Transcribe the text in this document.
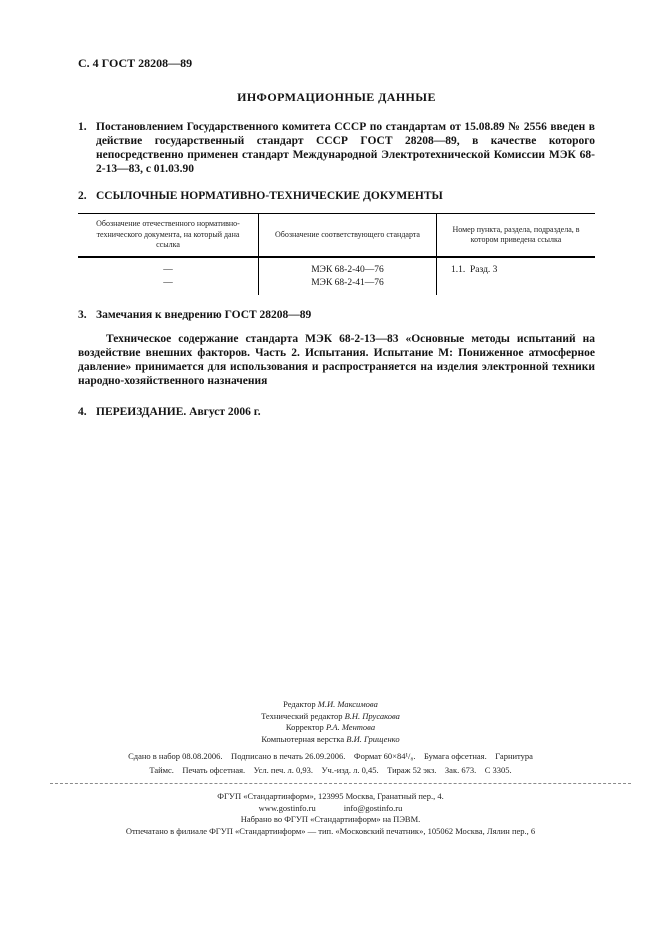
С. 4 ГОСТ 28208—89
ИНФОРМАЦИОННЫЕ ДАННЫЕ
1. Постановлением Государственного комитета СССР по стандартам от 15.08.89 № 2556 введен в действие государственный стандарт СССР ГОСТ 28208—89, в качестве которого непосредственно применен стандарт Международной Электротехнической Комиссии МЭК 68-2-13—83, с 01.03.90
2. ССЫЛОЧНЫЕ НОРМАТИВНО-ТЕХНИЧЕСКИЕ ДОКУМЕНТЫ
Обозначение отечественного нормативно-технического документа, на который дана ссылка
Обозначение соответствующего стандарта
Номер пункта, раздела, подраздела, в котором приведена ссылка
—
—
МЭК 68-2-40—76
МЭК 68-2-41—76
1.1. Разд. 3
3. Замечания к внедрению ГОСТ 28208—89
Техническое содержание стандарта МЭК 68-2-13—83 «Основные методы испытаний на воздействие внешних факторов. Часть 2. Испытания. Испытание М: Пониженное атмосферное давление» принимается для использования и распространяется на изделия электронной техники народно-хозяйственного назначения
4. ПЕРЕИЗДАНИЕ. Август 2006 г.
Редактор М.И. Максимова
Технический редактор В.Н. Прусакова
Корректор Р.А. Ментова
Компьютерная верстка В.И. Грищенко
Сдано в набор 08.08.2006. Подписано в печать 26.09.2006. Формат 60×84¹/₈. Бумага офсетная. Гарнитура
Таймс. Печать офсетная. Усл. печ. л. 0,93. Уч.-изд. л. 0,45. Тираж 52 экз. Зак. 673. С 3305.
ФГУП «Стандартинформ», 123995 Москва, Гранатный пер., 4.
www.gostinfo.ru	info@gostinfo.ru
Набрано во ФГУП «Стандартинформ» на ПЭВМ.
Отпечатано в филиале ФГУП «Стандартинформ» — тип. «Московский печатник», 105062 Москва, Лялин пер., 6
